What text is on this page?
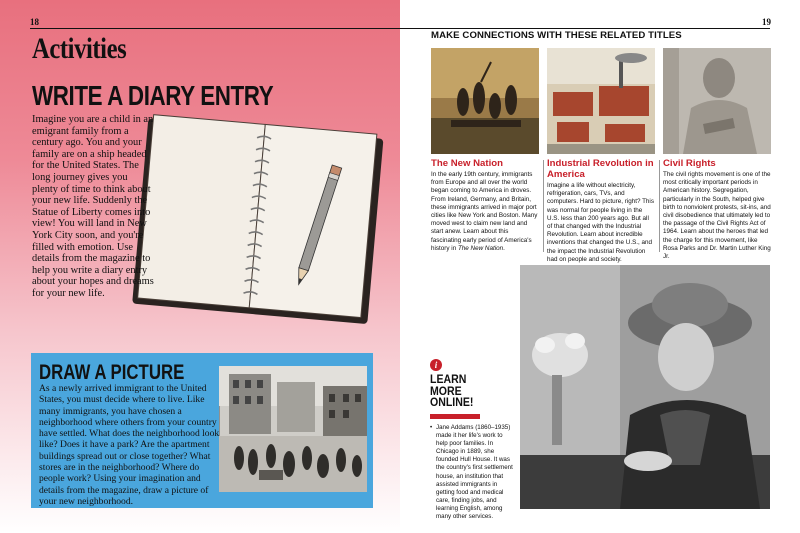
18
Activities
WRITE A DIARY ENTRY
Imagine you are a child in an emigrant family from a century ago. You and your family are on a ship headed for the United States. The long journey gives you plenty of time to think about your new life. Suddenly the Statue of Liberty comes into view! You will land in New York City soon, and you're filled with emotion. Use details from the magazine to help you write a diary entry about your hopes and dreams for your new life.
DRAW A PICTURE
As a newly arrived immigrant to the United States, you must decide where to live. Like many immigrants, you have chosen a neighborhood where others from your country have settled. What does the neighborhood look like? Does it have a park? Are the apartment buildings spread out or close together? What stores are in the neighborhood? Where do people work? Using your imagination and details from the magazine, draw a picture of your new neighborhood.
19
MAKE CONNECTIONS WITH THESE RELATED TITLES
The New Nation
In the early 19th century, immigrants from Europe and all over the world began coming to America in droves. From Ireland, Germany, and Britain, these immigrants arrived in major port cities like New York and Boston. Many moved west to claim new land and start anew. Learn about this fascinating early period of America's history in The New Nation.
Industrial Revolution in America
Imagine a life without electricity, refrigeration, cars, TVs, and computers. Hard to picture, right? This was normal for people living in the U.S. less than 200 years ago. But all of that changed with the Industrial Revolution. Learn about incredible inventions that changed the U.S., and the impact the Industrial Revolution had on people and society.
Civil Rights
The civil rights movement is one of the most critically important periods in American history. Segregation, particularly in the South, helped give birth to nonviolent protests, sit-ins, and civil disobedience that ultimately led to the passage of the Civil Rights Act of 1964. Learn about the heroes that led the charge for this movement, like Rosa Parks and Dr. Martin Luther King Jr.
i
LEARN MORE ONLINE!
• Jane Addams (1860–1935) made it her life's work to help poor families. In Chicago in 1889, she founded Hull House. It was the country's first settlement house, an institution that assisted immigrants in getting food and medical care, finding jobs, and learning English, among many other services.
